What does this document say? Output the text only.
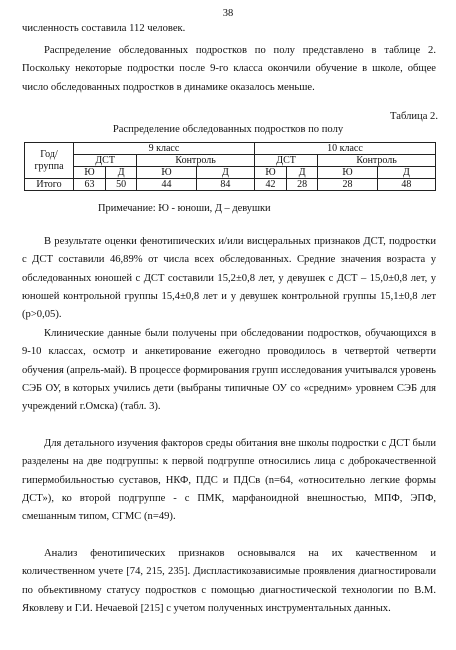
38
численность составила 112 человек.
Распределение обследованных подростков по полу представлено в таблице 2. Поскольку некоторые подростки после 9-го класса окончили обучение в школе, общее число обследованных подростков в динамике оказалось меньше.
Таблица 2.
Распределение обследованных подростков по полу
Год/ группа	9 класс				10 класс			
	ДСТ		Контроль		ДСТ		Контроль	
	Ю	Д	Ю	Д	Ю	Д	Ю	Д
Итого	63	50	44	84	42	28	28	48
Примечание: Ю - юноши, Д – девушки
В результате оценки фенотипических и/или висцеральных признаков ДСТ, подростки с ДСТ составили 46,89% от числа всех обследованных. Средние значения возраста у обследованных юношей с ДСТ составили 15,2±0,8 лет, у девушек с ДСТ – 15,0±0,8 лет, у юношей контрольной группы 15,4±0,8 лет и у девушек контрольной группы 15,1±0,8 лет (p>0,05).
Клинические данные были получены при обследовании подростков, обучающихся в 9-10 классах, осмотр и анкетирование ежегодно проводилось в четвертой четверти обучения (апрель-май). В процессе формирования групп исследования учитывался уровень СЭБ ОУ, в которых учились дети (выбраны типичные ОУ со «средним» уровнем СЭБ для учреждений г.Омска) (табл. 3).
Для детального изучения факторов среды обитания вне школы подростки с ДСТ были разделены на две подгруппы: к первой подгруппе относились лица с доброкачественной гипермобильностью суставов, НКФ, ПДС и ПДСв (n=64, «относительно легкие формы ДСТ»), ко второй подгруппе - с ПМК, марфаноидной внешностью, МПФ, ЭПФ, смешанным типом, СГМС (n=49).
Анализ фенотипических признаков основывался на их качественном и количественном учете [74, 215, 235]. Диспластикозависимые проявления диагностировали по объективному статусу подростков с помощью диагностической технологии по В.М. Яковлеву и Г.И. Нечаевой [215] с учетом полученных инструментальных данных.
